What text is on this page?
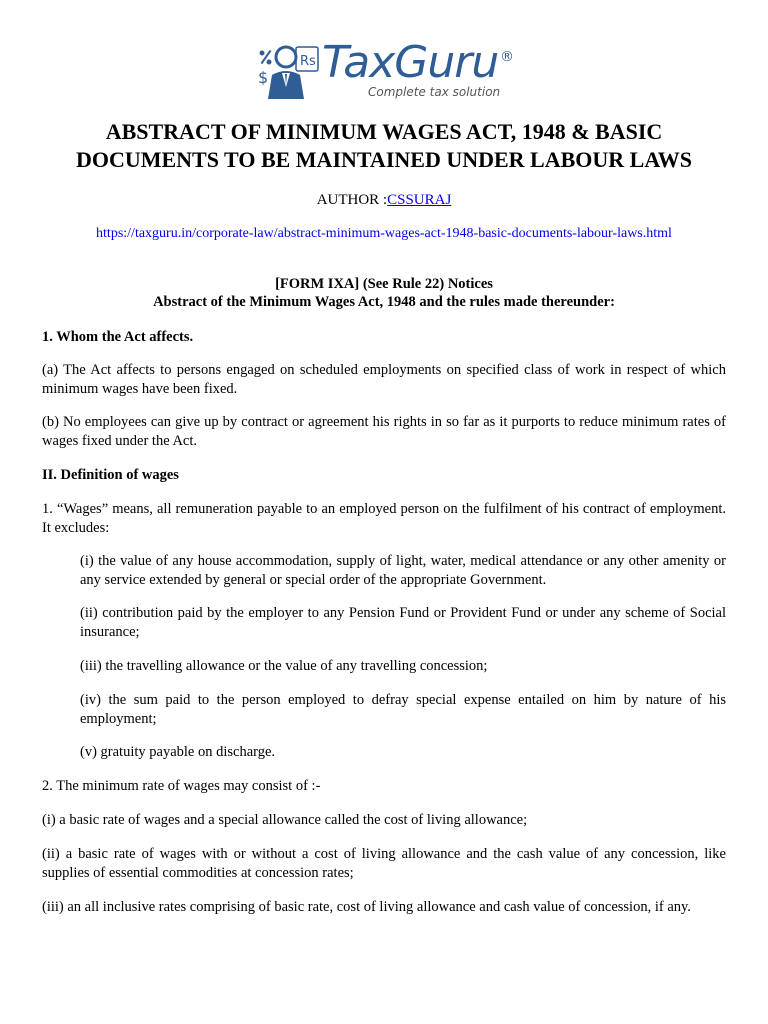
$
Rs TaxGuru ®
Complete tax solution
ABSTRACT OF MINIMUM WAGES ACT, 1948 & BASIC
DOCUMENTS TO BE MAINTAINED UNDER LABOUR LAWS
AUTHOR :CSSURAJ
https://taxguru.in/corporate-law/abstract-minimum-wages-act-1948-basic-documents-labour-laws.html
[FORM IXA] (See Rule 22) Notices
Abstract of the Minimum Wages Act, 1948 and the rules made thereunder:
1. Whom the Act affects.
(a) The Act affects to persons engaged on scheduled employments on specified class of work in respect of which minimum wages have been fixed.
(b) No employees can give up by contract or agreement his rights in so far as it purports to reduce minimum rates of wages fixed under the Act.
II. Definition of wages
1. “Wages” means, all remuneration payable to an employed person on the fulfilment of his contract of employment. It excludes:
(i) the value of any house accommodation, supply of light, water, medical attendance or any other amenity or any service extended by general or special order of the appropriate Government.
(ii) contribution paid by the employer to any Pension Fund or Provident Fund or under any scheme of Social insurance;
(iii) the travelling allowance or the value of any travelling concession;
(iv) the sum paid to the person employed to defray special expense entailed on him by nature of his employment;
(v) gratuity payable on discharge.
2. The minimum rate of wages may consist of :-
(i) a basic rate of wages and a special allowance called the cost of living allowance;
(ii) a basic rate of wages with or without a cost of living allowance and the cash value of any concession, like supplies of essential commodities at concession rates;
(iii) an all inclusive rates comprising of basic rate, cost of living allowance and cash value of concession, if any.
